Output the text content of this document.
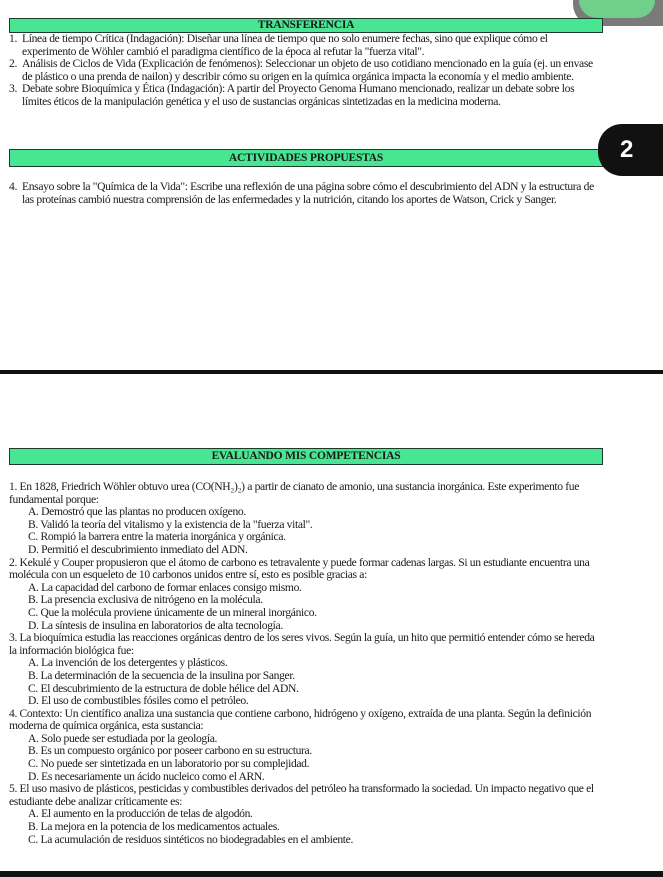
TRANSFERENCIA
1. Línea de tiempo Crítica (Indagación): Diseñar una línea de tiempo que no solo enumere fechas, sino que explique cómo el experimento de Wöhler cambió el paradigma científico de la época al refutar la "fuerza vital".
2. Análisis de Ciclos de Vida (Explicación de fenómenos): Seleccionar un objeto de uso cotidiano mencionado en la guía (ej. un envase de plástico o una prenda de nailon) y describir cómo su origen en la química orgánica impacta la economía y el medio ambiente.
3. Debate sobre Bioquímica y Ética (Indagación): A partir del Proyecto Genoma Humano mencionado, realizar un debate sobre los límites éticos de la manipulación genética y el uso de sustancias orgánicas sintetizadas en la medicina moderna.
ACTIVIDADES PROPUESTAS	2
4. Ensayo sobre la "Química de la Vida": Escribe una reflexión de una página sobre cómo el descubrimiento del ADN y la estructura de las proteínas cambió nuestra comprensión de las enfermedades y la nutrición, citando los aportes de Watson, Crick y Sanger.
EVALUANDO MIS COMPETENCIAS
1. En 1828, Friedrich Wöhler obtuvo urea (CO(NH₂)₂) a partir de cianato de amonio, una sustancia inorgánica. Este experimento fue fundamental porque:
A. Demostró que las plantas no producen oxígeno.
B. Validó la teoría del vitalismo y la existencia de la "fuerza vital".
C. Rompió la barrera entre la materia inorgánica y orgánica.
D. Permitió el descubrimiento inmediato del ADN.
2. Kekulé y Couper propusieron que el átomo de carbono es tetravalente y puede formar cadenas largas. Si un estudiante encuentra una molécula con un esqueleto de 10 carbonos unidos entre sí, esto es posible gracias a:
A. La capacidad del carbono de formar enlaces consigo mismo.
B. La presencia exclusiva de nitrógeno en la molécula.
C. Que la molécula proviene únicamente de un mineral inorgánico.
D. La síntesis de insulina en laboratorios de alta tecnología.
3. La bioquímica estudia las reacciones orgánicas dentro de los seres vivos. Según la guía, un hito que permitió entender cómo se hereda la información biológica fue:
A. La invención de los detergentes y plásticos.
B. La determinación de la secuencia de la insulina por Sanger.
C. El descubrimiento de la estructura de doble hélice del ADN.
D. El uso de combustibles fósiles como el petróleo.
4. Contexto: Un científico analiza una sustancia que contiene carbono, hidrógeno y oxígeno, extraída de una planta. Según la definición moderna de química orgánica, esta sustancia:
A. Solo puede ser estudiada por la geología.
B. Es un compuesto orgánico por poseer carbono en su estructura.
C. No puede ser sintetizada en un laboratorio por su complejidad.
D. Es necesariamente un ácido nucleico como el ARN.
5. El uso masivo de plásticos, pesticidas y combustibles derivados del petróleo ha transformado la sociedad. Un impacto negativo que el estudiante debe analizar críticamente es:
A. El aumento en la producción de telas de algodón.
B. La mejora en la potencia de los medicamentos actuales.
C. La acumulación de residuos sintéticos no biodegradables en el ambiente.
